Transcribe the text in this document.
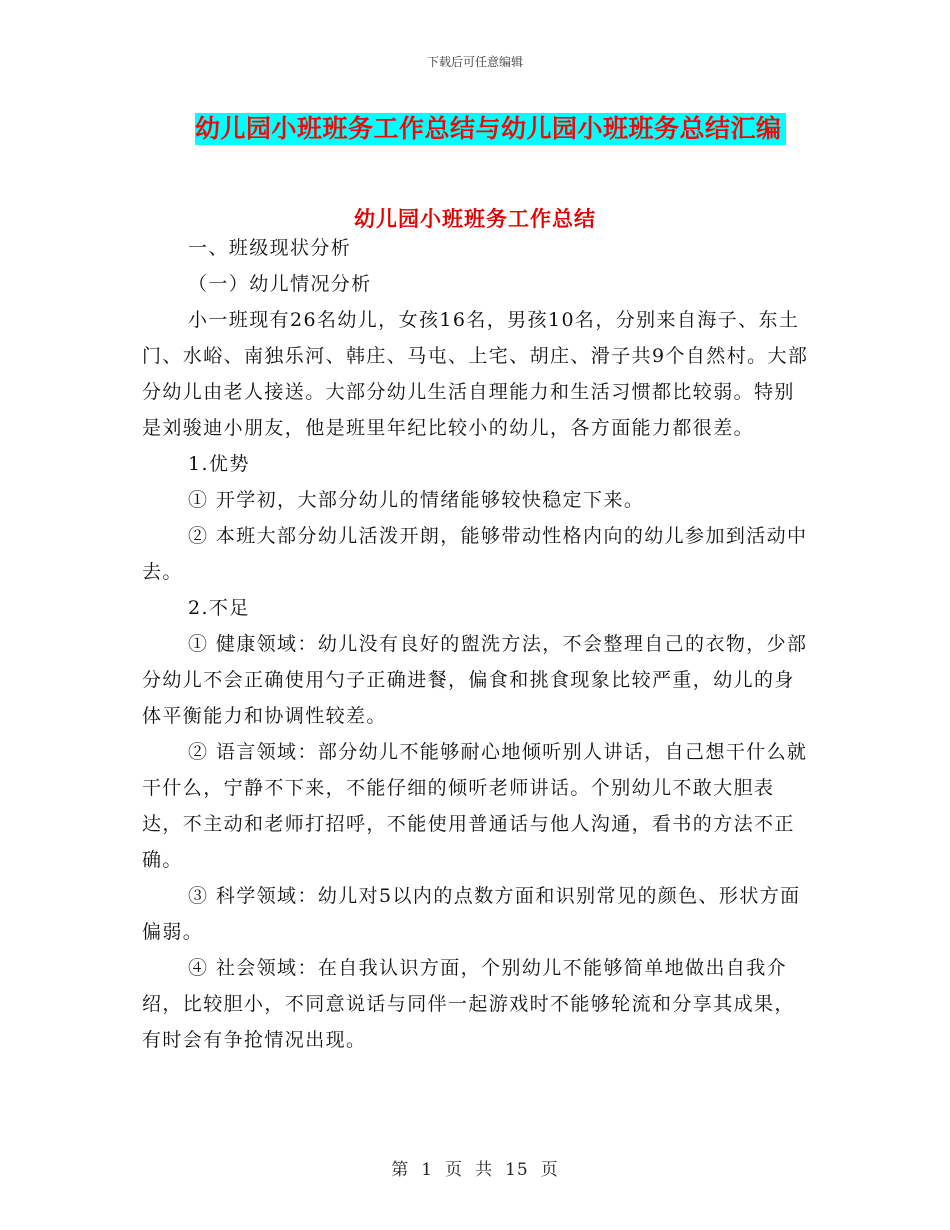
下载后可任意编辑
幼儿园小班班务工作总结与幼儿园小班班务总结汇编
幼儿园小班班务工作总结

一、班级现状分析

（一）幼儿情况分析

小一班现有26名幼儿，女孩16名，男孩10名，分别来自海子、东土门、水峪、南独乐河、韩庄、马屯、上宅、胡庄、滑子共9个自然村。大部分幼儿由老人接送。大部分幼儿生活自理能力和生活习惯都比较弱。特别是刘骏迪小朋友，他是班里年纪比较小的幼儿，各方面能力都很差。

1.优势

① 开学初，大部分幼儿的情绪能够较快稳定下来。

② 本班大部分幼儿活泼开朗，能够带动性格内向的幼儿参加到活动中去。

2.不足

① 健康领域：幼儿没有良好的盥洗方法，不会整理自己的衣物，少部分幼儿不会正确使用勺子正确进餐，偏食和挑食现象比较严重，幼儿的身体平衡能力和协调性较差。

② 语言领域：部分幼儿不能够耐心地倾听别人讲话，自己想干什么就干什么，宁静不下来，不能仔细的倾听老师讲话。个别幼儿不敢大胆表达，不主动和老师打招呼，不能使用普通话与他人沟通，看书的方法不正确。

③ 科学领域：幼儿对5以内的点数方面和识别常见的颜色、形状方面偏弱。

④ 社会领域：在自我认识方面，个别幼儿不能够简单地做出自我介绍，比较胆小，不同意说话与同伴一起游戏时不能够轮流和分享其成果，有时会有争抢情况出现。

第 1 页 共 15 页
